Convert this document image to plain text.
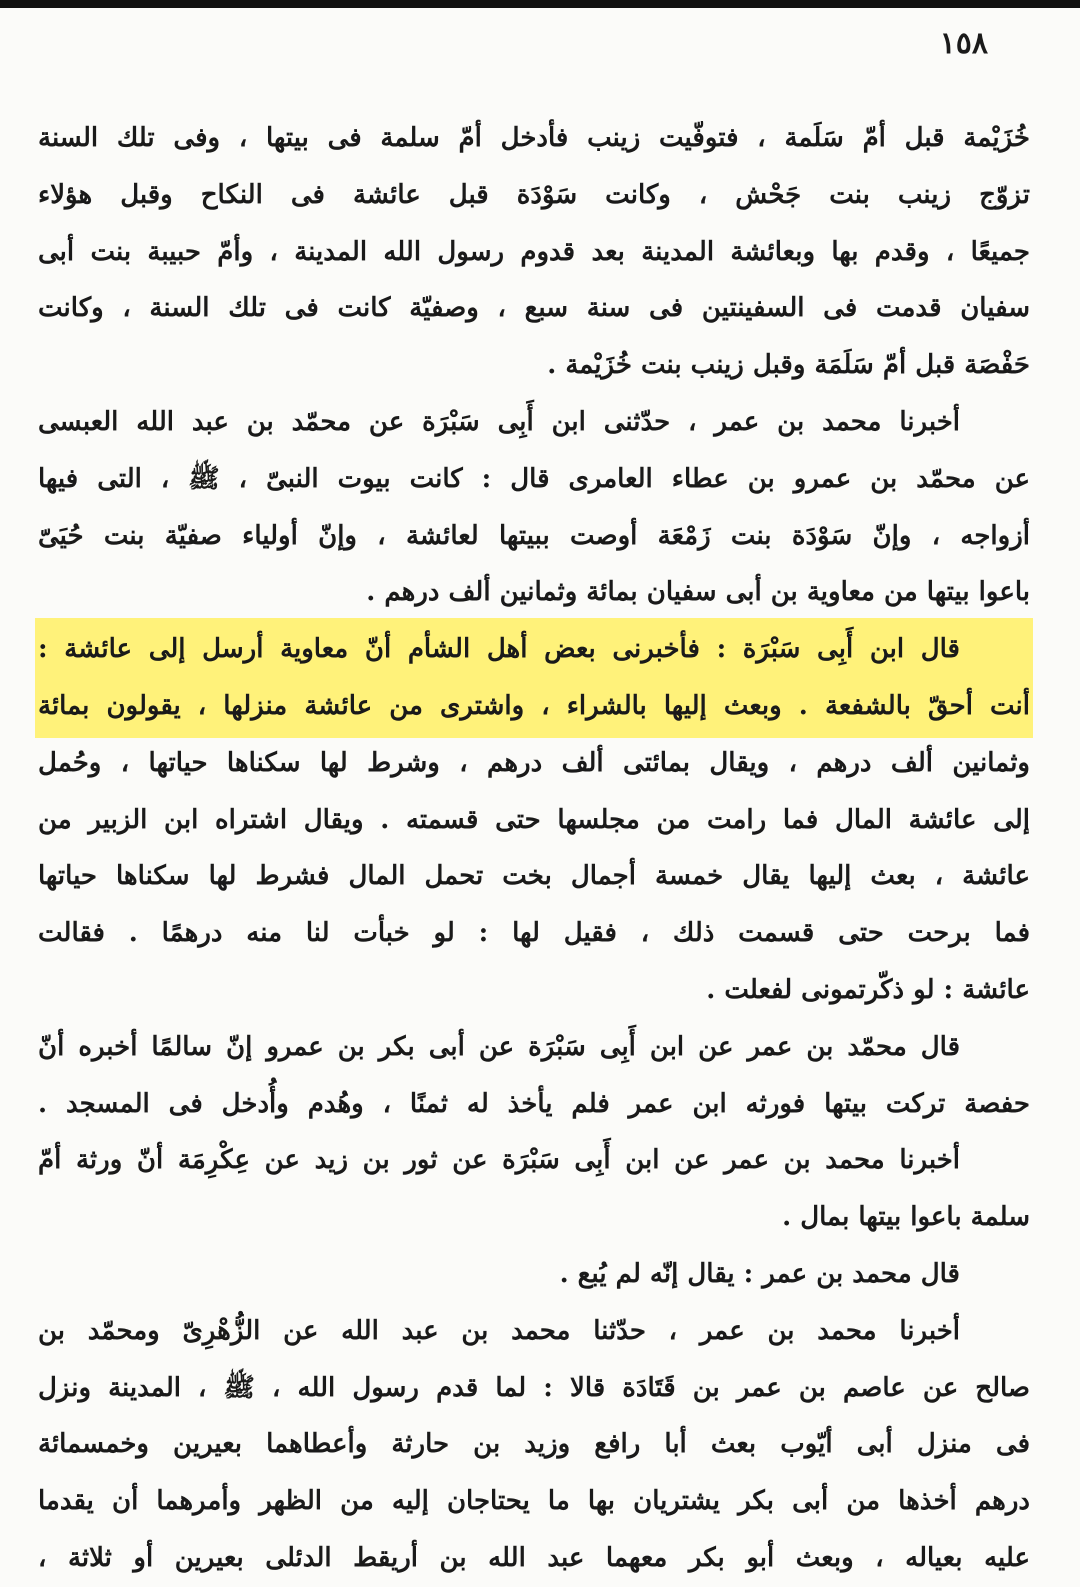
١٥٨
خُزَيْمة قبل أمّ سَلَمة ، فتوفّيت زينب فأدخل أمّ سلمة فى بيتها ، وفى تلك السنة
تزوّج زينب بنت جَحْش ، وكانت سَوْدَة قبل عائشة فى النكاح وقبل هؤلاء
جميعًا ، وقدم بها وبعائشة المدينة بعد قدوم رسول الله المدينة ، وأمّ حبيبة بنت أبى
سفيان قدمت فى السفينتين فى سنة سبع ، وصفيّة كانت فى تلك السنة ، وكانت
حَفْصَة قبل أمّ سَلَمَة وقبل زينب بنت خُزَيْمة .
أخبرنا محمد بن عمر ، حدّثنى ابن أَبِى سَبْرَة عن محمّد بن عبد الله العبسى
عن محمّد بن عمرو بن عطاء العامرى قال : كانت بيوت النبىّ ، ﷺ ، التى فيها
أزواجه ، وإنّ سَوْدَة بنت زَمْعَة أوصت ببيتها لعائشة ، وإنّ أولياء صفيّة بنت حُيَىّ
باعوا بيتها من معاوية بن أبى سفيان بمائة وثمانين ألف درهم .
قال ابن أَبِى سَبْرَة : فأخبرنى بعض أهل الشأم أنّ معاوية أرسل إلى عائشة :
أنت أحقّ بالشفعة . وبعث إليها بالشراء ، واشترى من عائشة منزلها ، يقولون بمائة
وثمانين ألف درهم ، ويقال بمائتى ألف درهم ، وشرط لها سكناها حياتها ، وحُمل
إلى عائشة المال فما رامت من مجلسها حتى قسمته . ويقال اشتراه ابن الزبير من
عائشة ، بعث إليها يقال خمسة أجمال بخت تحمل المال فشرط لها سكناها حياتها
فما برحت حتى قسمت ذلك ، فقيل لها : لو خبأت لنا منه درهمًا . فقالت
عائشة : لو ذكّرتمونى لفعلت .
قال محمّد بن عمر عن ابن أَبِى سَبْرَة عن أبى بكر بن عمرو إنّ سالمًا أخبره أنّ
حفصة تركت بيتها فورثه ابن عمر فلم يأخذ له ثمنًا ، وهُدم وأُدخل فى المسجد .
أخبرنا محمد بن عمر عن ابن أَبِى سَبْرَة عن ثور بن زيد عن عِكْرِمَة أنّ ورثة أمّ
سلمة باعوا بيتها بمال .
قال محمد بن عمر : يقال إنّه لم يُبع .
أخبرنا محمد بن عمر ، حدّثنا محمد بن عبد الله عن الزُّهْرِىّ ومحمّد بن
صالح عن عاصم بن عمر بن قَتَادَة قالا : لما قدم رسول الله ، ﷺ ، المدينة ونزل
فى منزل أبى أيّوب بعث أبا رافع وزيد بن حارثة وأعطاهما بعيرين وخمسمائة
درهم أخذها من أبى بكر يشتريان بها ما يحتاجان إليه من الظهر وأمرهما أن يقدما
عليه بعياله ، وبعث أبو بكر معهما عبد الله بن أريقط الدئلى بعيرين أو ثلاثة ،
